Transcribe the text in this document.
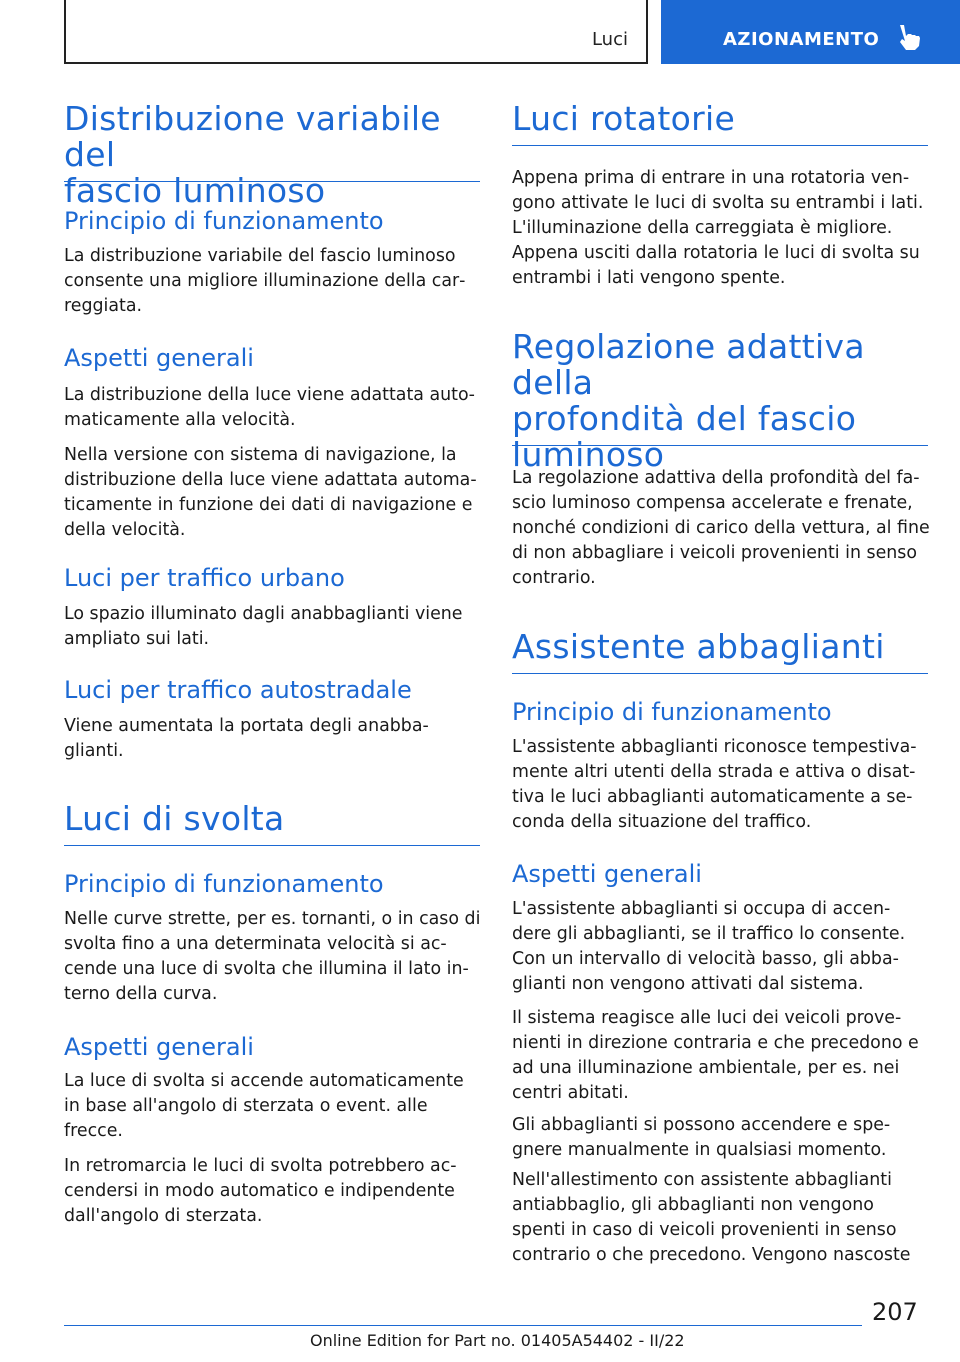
Luci	AZIONAMENTO
Distribuzione variabile del
fascio luminoso
Principio di funzionamento

La distribuzione variabile del fascio luminoso
consente una migliore illuminazione della car‐
reggiata.

Aspetti generali

La distribuzione della luce viene adattata auto‐
maticamente alla velocità.

Nella versione con sistema di navigazione, la
distribuzione della luce viene adattata automa‐
ticamente in funzione dei dati di navigazione e
della velocità.

Luci per traffico urbano

Lo spazio illuminato dagli anabbaglianti viene
ampliato sui lati.

Luci per traffico autostradale

Viene aumentata la portata degli anabba‐
glianti.

Luci di svolta
Principio di funzionamento

Nelle curve strette, per es. tornanti, o in caso di
svolta fino a una determinata velocità si ac‐
cende una luce di svolta che illumina il lato in‐
terno della curva.

Aspetti generali

La luce di svolta si accende automaticamente
in base all'angolo di sterzata o event. alle
frecce.

In retromarcia le luci di svolta potrebbero ac‐
cendersi in modo automatico e indipendente
dall'angolo di sterzata.

Luci rotatorie

Appena prima di entrare in una rotatoria ven‐
gono attivate le luci di svolta su entrambi i lati.
L'illuminazione della carreggiata è migliore.
Appena usciti dalla rotatoria le luci di svolta su
entrambi i lati vengono spente.

Regolazione adattiva della
profondità del fascio
luminoso

La regolazione adattiva della profondità del fa‐
scio luminoso compensa accelerate e frenate,
nonché condizioni di carico della vettura, al fine
di non abbagliare i veicoli provenienti in senso
contrario.

Assistente abbaglianti
Principio di funzionamento

L'assistente abbaglianti riconosce tempestiva‐
mente altri utenti della strada e attiva o disat‐
tiva le luci abbaglianti automaticamente a se‐
conda della situazione del traffico.

Aspetti generali

L'assistente abbaglianti si occupa di accen‐
dere gli abbaglianti, se il traffico lo consente.
Con un intervallo di velocità basso, gli abba‐
glianti non vengono attivati dal sistema.

Il sistema reagisce alle luci dei veicoli prove‐
nienti in direzione contraria e che precedono e
ad una illuminazione ambientale, per es. nei
centri abitati.

Gli abbaglianti si possono accendere e spe‐
gnere manualmente in qualsiasi momento.

Nell'allestimento con assistente abbaglianti
antiabbaglio, gli abbaglianti non vengono
spenti in caso di veicoli provenienti in senso
contrario o che precedono. Vengono nascoste

207
Online Edition for Part no. 01405A54402 - II/22
